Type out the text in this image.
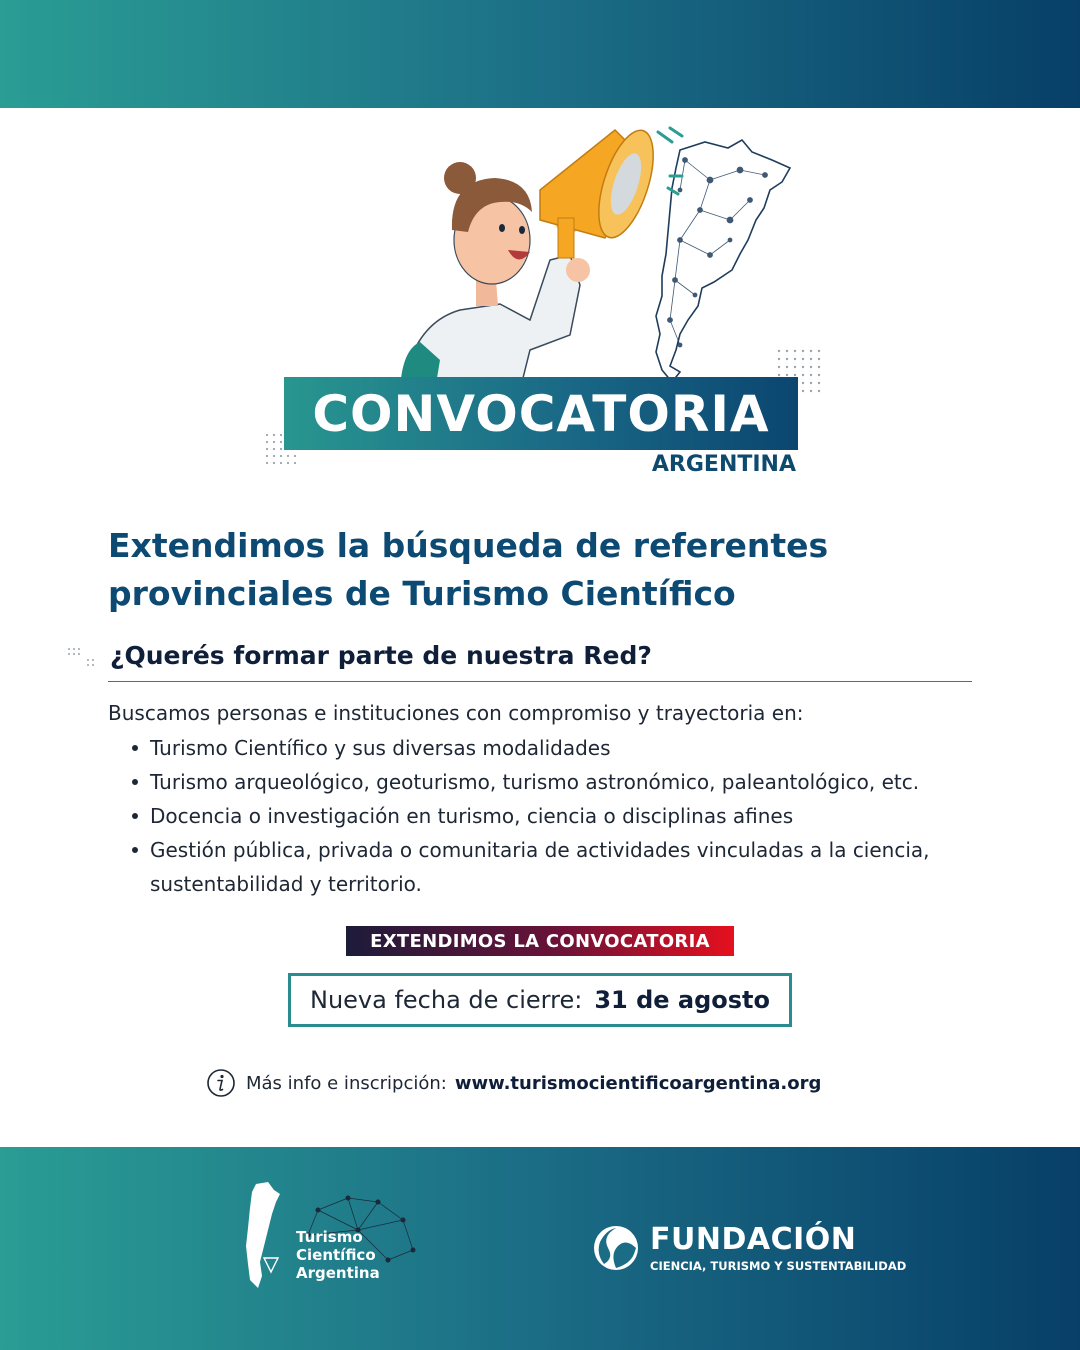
CONVOCATORIA
ARGENTINA
Extendimos la búsqueda de referentes
provinciales de Turismo Científico
¿Querés formar parte de nuestra Red?
Buscamos personas e instituciones con compromiso y trayectoria en:
Turismo Científico y sus diversas modalidades
Turismo arqueológico, geoturismo, turismo astronómico, paleantológico, etc.
Docencia o investigación en turismo, ciencia o disciplinas afines
Gestión pública, privada o comunitaria de actividades vinculadas a la ciencia, sustentabilidad y territorio.
EXTENDIMOS LA CONVOCATORIA
Nueva fecha de cierre: 31 de agosto
Más info e inscripción: www.turismocientificoargentina.org
Turismo
Científico
Argentina
FUNDACIÓN
CIENCIA, TURISMO Y SUSTENTABILIDAD
